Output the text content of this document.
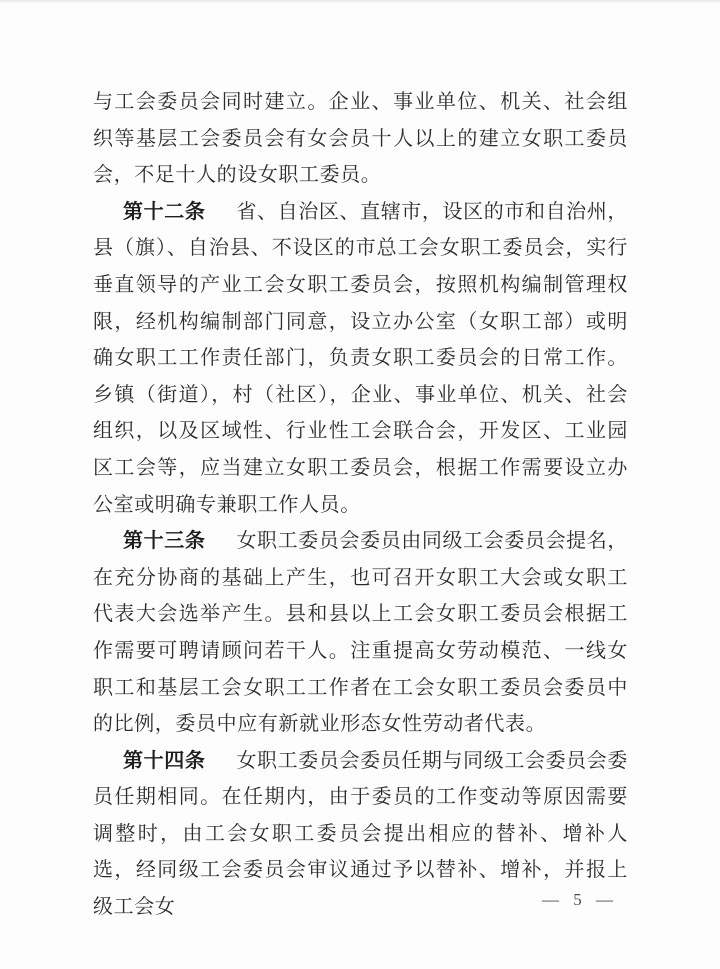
与工会委员会同时建立。企业、事业单位、机关、社会组织等基层工会委员会有女会员十人以上的建立女职工委员会，不足十人的设女职工委员。

第十二条 省、自治区、直辖市，设区的市和自治州，县（旗）、自治县、不设区的市总工会女职工委员会，实行垂直领导的产业工会女职工委员会，按照机构编制管理权限，经机构编制部门同意，设立办公室（女职工部）或明确女职工工作责任部门，负责女职工委员会的日常工作。乡镇（街道），村（社区），企业、事业单位、机关、社会组织，以及区域性、行业性工会联合会，开发区、工业园区工会等，应当建立女职工委员会，根据工作需要设立办公室或明确专兼职工作人员。

第十三条 女职工委员会委员由同级工会委员会提名，在充分协商的基础上产生，也可召开女职工大会或女职工代表大会选举产生。县和县以上工会女职工委员会根据工作需要可聘请顾问若干人。注重提高女劳动模范、一线女职工和基层工会女职工工作者在工会女职工委员会委员中的比例，委员中应有新就业形态女性劳动者代表。

第十四条 女职工委员会委员任期与同级工会委员会委员任期相同。在任期内，由于委员的工作变动等原因需要调整时，由工会女职工委员会提出相应的替补、增补人选，经同级工会委员会审议通过予以替补、增补，并报上级工会女	— 5 —
